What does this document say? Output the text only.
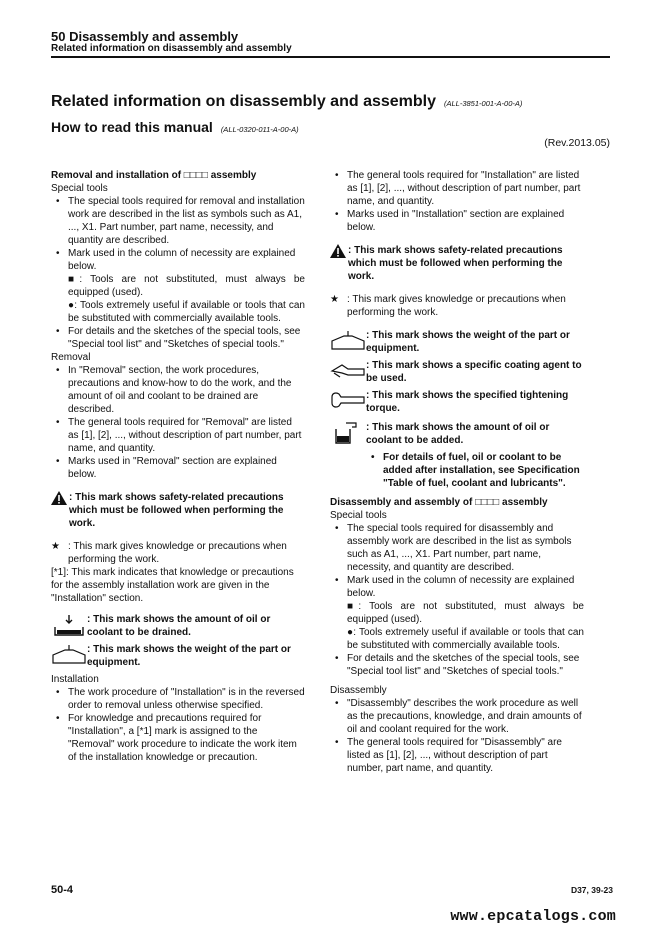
50 Disassembly and assembly
Related information on disassembly and assembly
Related information on disassembly and assembly (ALL-3851-001-A-00-A)
How to read this manual (ALL-0320-011-A-00-A)
(Rev.2013.05)

Removal and installation of □□□□ assembly

Special tools

• The special tools required for removal and installation work are described in the list as symbols such as A1, ..., X1. Part number, part name, necessity, and quantity are described.
• Mark used in the column of necessity are explained below.
■: Tools are not substituted, must always be equipped (used).
●: Tools extremely useful if available or tools that can be substituted with commercially available tools.
• For details and the sketches of the special tools, see "Special tool list" and "Sketches of special tools."

Removal

• In "Removal" section, the work procedures, precautions and know-how to do the work, and the amount of oil and coolant to be drained are described.
• The general tools required for "Removal" are listed as [1], [2], ..., without description of part number, part name, and quantity.
• Marks used in "Removal" section are explained below.
: This mark shows safety-related precautions which must be followed when performing the work.
★ : This mark gives knowledge or precautions when performing the work.

[*1]: This mark indicates that knowledge or precautions for the assembly installation work are given in the "Installation" section.

: This mark shows the amount of oil or coolant to be drained.
: This mark shows the weight of the part or equipment.

Installation

• The work procedure of "Installation" is in the reversed order to removal unless otherwise specified.
• For knowledge and precautions required for "Installation", a [*1] mark is assigned to the "Removal" work procedure to indicate the work item of the installation knowledge or precaution.
• The general tools required for "Installation" are listed as [1], [2], ..., without description of part number, part name, and quantity.
• Marks used in "Installation" section are explained below.
: This mark shows safety-related precautions which must be followed when performing the work.
★ : This mark gives knowledge or precautions when performing the work.
: This mark shows the weight of the part or equipment.
: This mark shows a specific coating agent to be used.
: This mark shows the specified tightening torque.
: This mark shows the amount of oil or coolant to be added.
• For details of fuel, oil or coolant to be added after installation, see Specification "Table of fuel, coolant and lubricants".

Disassembly and assembly of □□□□ assembly

Special tools

• The special tools required for disassembly and assembly work are described in the list as symbols such as A1, ..., X1. Part number, part name, necessity, and quantity are described.
• Mark used in the column of necessity are explained below.
■: Tools are not substituted, must always be equipped (used).
●: Tools extremely useful if available or tools that can be substituted with commercially available tools.
• For details and the sketches of the special tools, see "Special tool list" and "Sketches of special tools."

Disassembly

• "Disassembly" describes the work procedure as well as the precautions, knowledge, and drain amounts of oil and coolant required for the work.
• The general tools required for "Disassembly" are listed as [1], [2], ..., without description of part number, part name, and quantity.
50-4	D37, 39-23
www.epcatalogs.com
